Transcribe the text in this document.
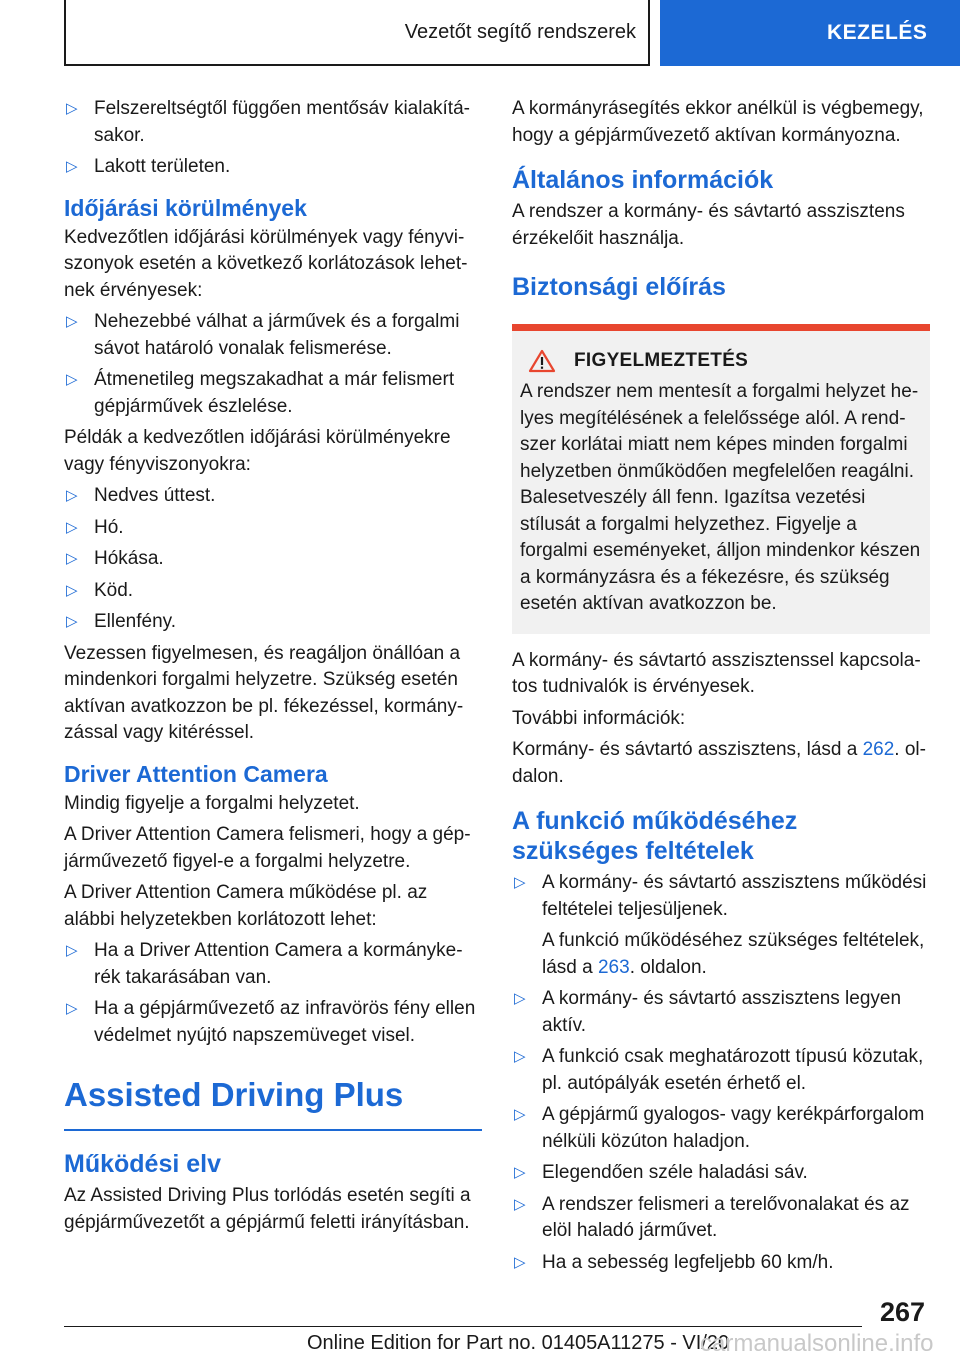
Vezetőt segítő rendszerek	KEZELÉS
▷ Felszereltségtől függően mentősáv kialakításakor.
▷ Lakott területen.
Időjárási körülmények

Kedvezőtlen időjárási körülmények vagy fényviszonyok esetén a következő korlátozások lehetnek érvényesek:

▷ Nehezebbé válhat a járművek és a forgalmi sávot határoló vonalak felismerése.
▷ Átmenetileg megszakadhat a már felismert gépjárművek észlelése.

Példák a kedvezőtlen időjárási körülményekre vagy fényviszonyokra:

▷ Nedves úttest.
▷ Hó.
▷ Hókása.
▷ Köd.
▷ Ellenfény.

Vezessen figyelmesen, és reagáljon önállóan a mindenkori forgalmi helyzetre. Szükség esetén aktívan avatkozzon be pl. fékezéssel, kormányzással vagy kitéréssel.

Driver Attention Camera

Mindig figyelje a forgalmi helyzetet.

A Driver Attention Camera felismeri, hogy a gépjárművezető figyel-e a forgalmi helyzetre.

A Driver Attention Camera működése pl. az alábbi helyzetekben korlátozott lehet:

▷ Ha a Driver Attention Camera a kormánykerék takarásában van.
▷ Ha a gépjárművezető az infravörös fény ellen védelmet nyújtó napszemüveget visel.
Assisted Driving Plus
Működési elv

Az Assisted Driving Plus torlódás esetén segíti a gépjárművezetőt a gépjármű feletti irányításban.

A kormányrásegítés ekkor anélkül is végbemegy, hogy a gépjárművezető aktívan kormányozna.

Általános információk

A rendszer a kormány- és sávtartó asszisztens érzékelőit használja.

Biztonsági előírás
FIGYELMEZTETÉS

A rendszer nem mentesít a forgalmi helyzet helyes megítélésének a felelőssége alól. A rendszer korlátai miatt nem képes minden forgalmi helyzetben önműködően megfelelően reagálni. Balesetveszély áll fenn. Igazítsa vezetési stílusát a forgalmi helyzethez. Figyelje a forgalmi eseményeket, álljon mindenkor készen a kormányzásra és a fékezésre, és szükség esetén aktívan avatkozzon be.

A kormány- és sávtartó asszisztenssel kapcsolatos tudnivalók is érvényesek.

További információk:

Kormány- és sávtartó asszisztens, lásd a 262. oldalon.

A funkció működéséhez szükséges feltételek
▷ A kormány- és sávtartó asszisztens működési feltételei teljesüljenek.
A funkció működéséhez szükséges feltételek, lásd a 263. oldalon.
▷ A kormány- és sávtartó asszisztens legyen aktív.
▷ A funkció csak meghatározott típusú közutak, pl. autópályák esetén érhető el.
▷ A gépjármű gyalogos- vagy kerékpárforgalom nélküli közúton haladjon.
▷ Elegendően széle haladási sáv.
▷ A rendszer felismeri a terelővonalakat és az elöl haladó járművet.
▷ Ha a sebesség legfeljebb 60 km/h.
267
Online Edition for Part no. 01405A11275 - VI/20
carmanualsonline.info
